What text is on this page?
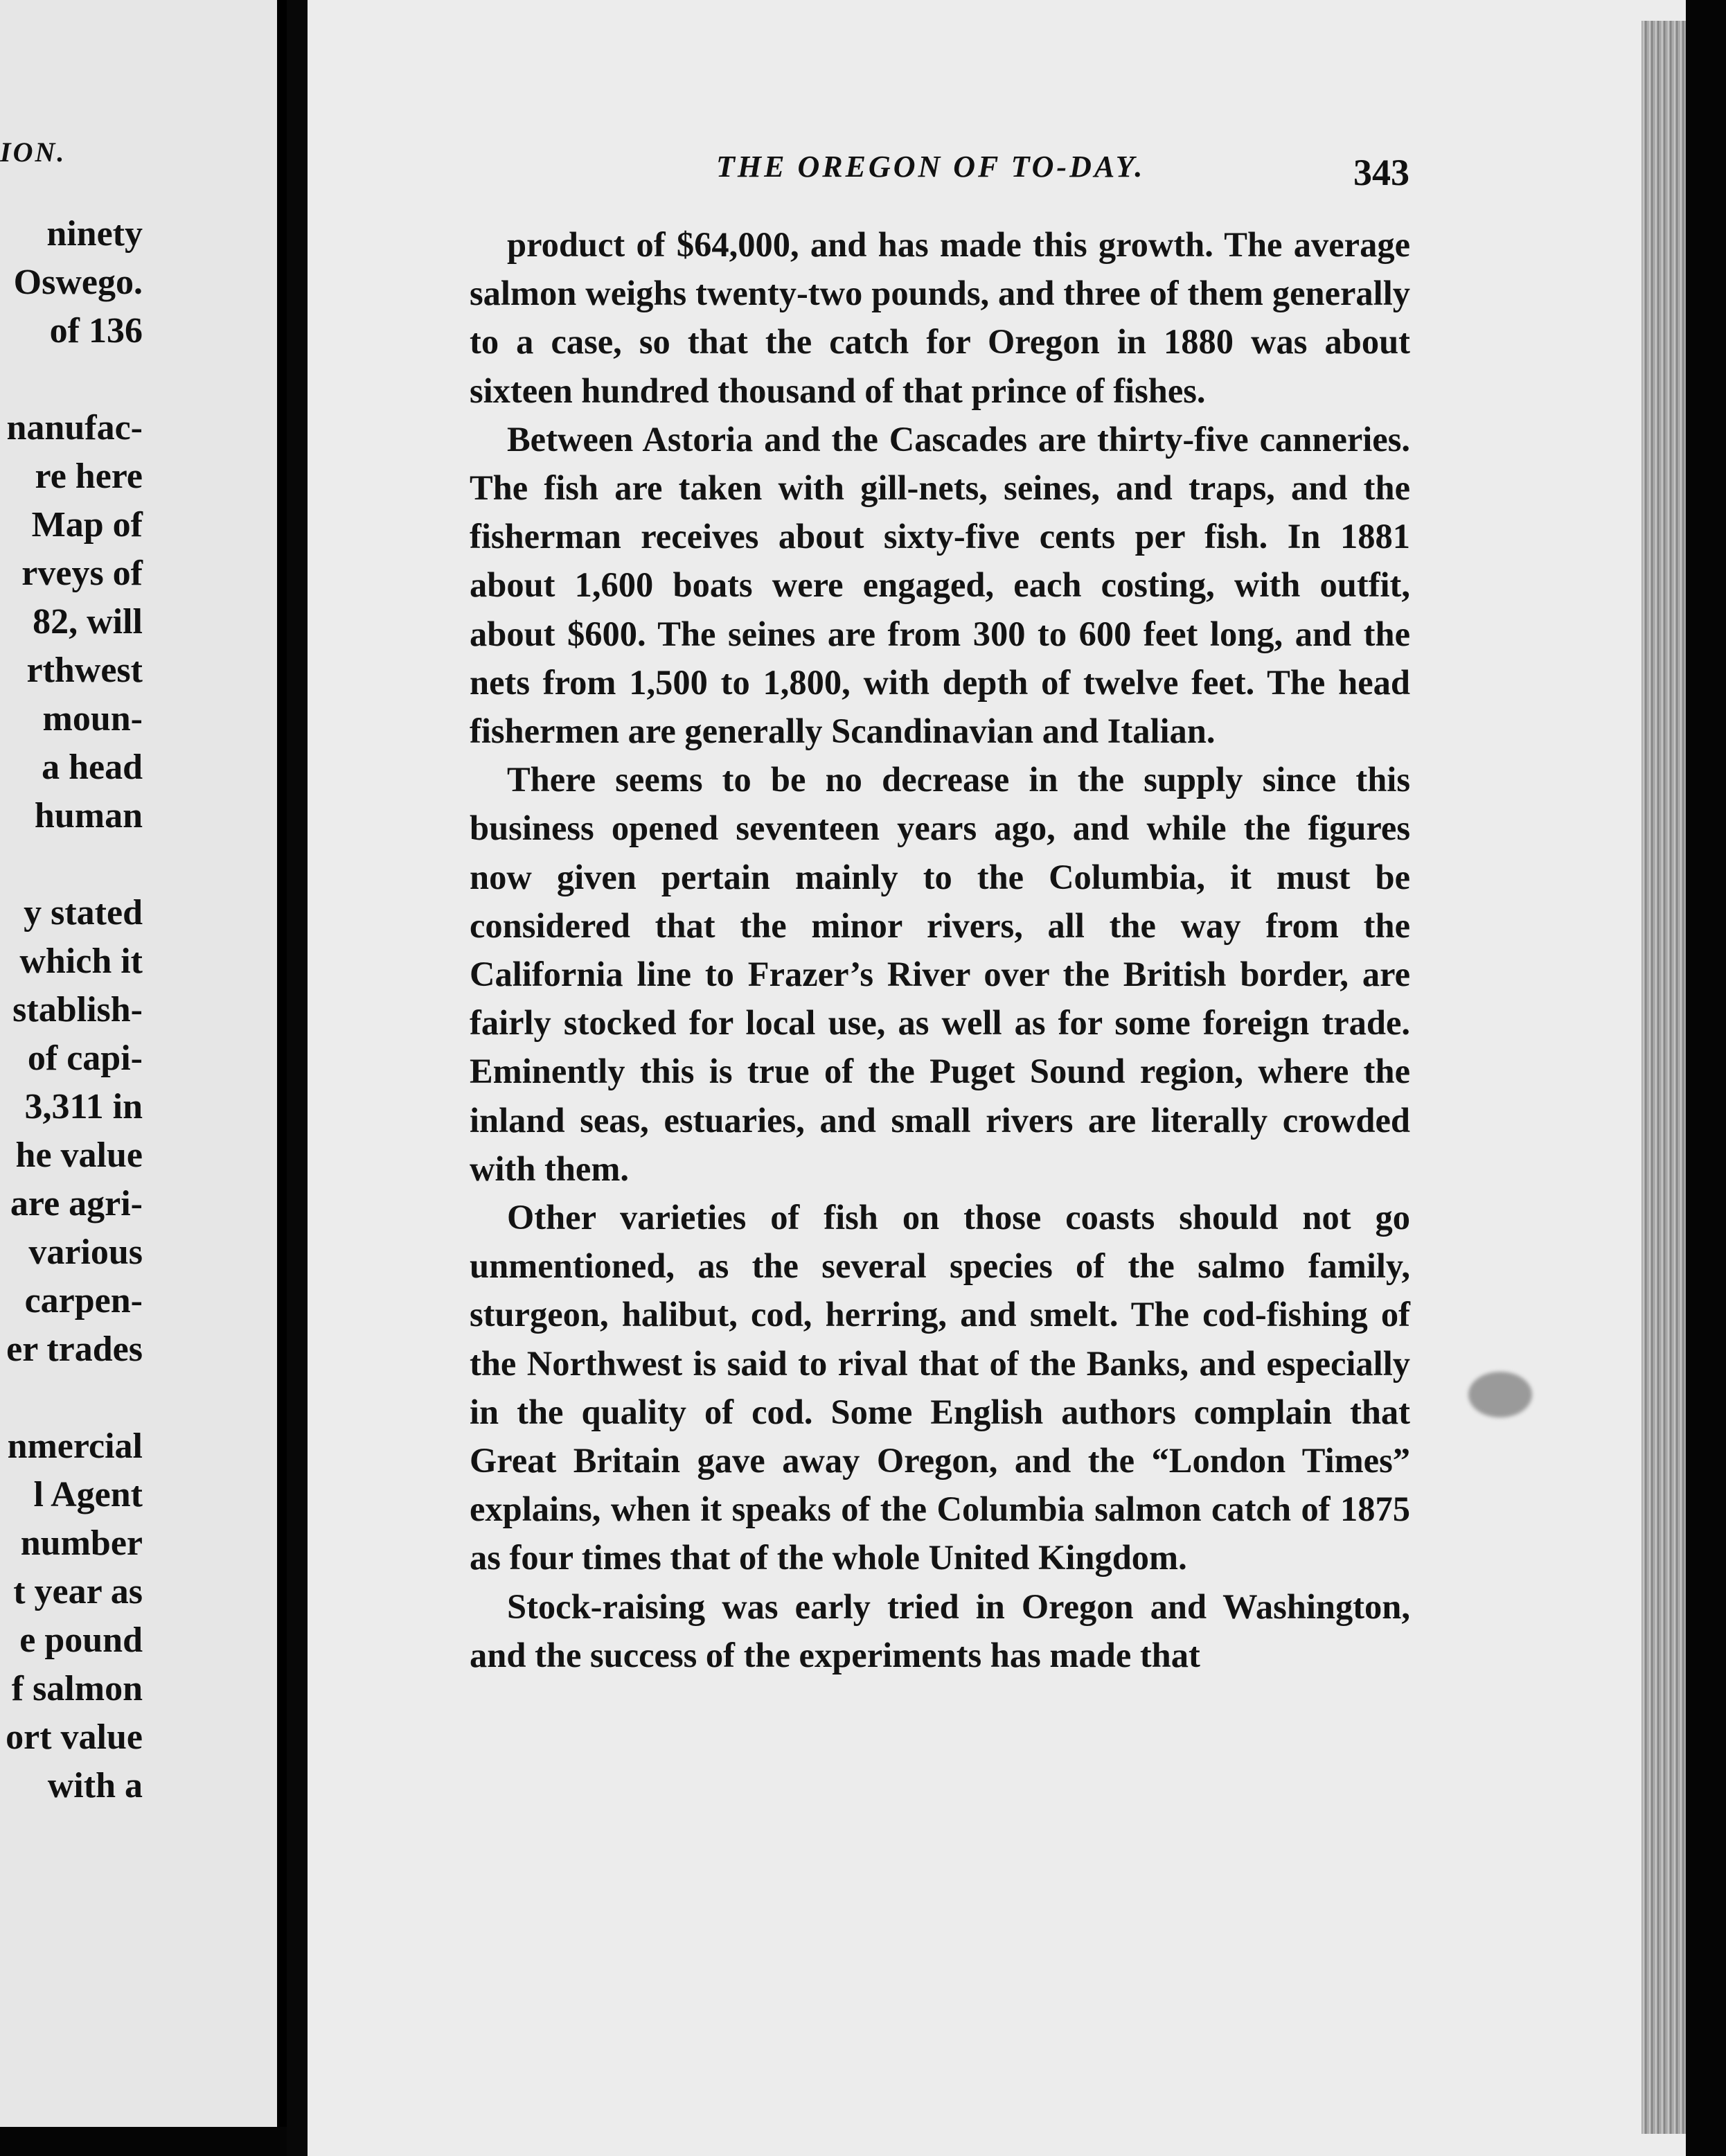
ION.
ninety
Oswego.
of 136
nanufac-
re here
Map of
rveys of
82, will
rthwest
moun-
a head
human
y stated
which it
stablish-
of capi-
3,311 in
he value
are agri-
various
carpen-
er trades
nmercial
l Agent
number
t year as
e pound
f salmon
ort value
with a
THE OREGON OF TO-DAY.	343

product of $64,000, and has made this growth. The average salmon weighs twenty-two pounds, and three of them generally to a case, so that the catch for Oregon in 1880 was about sixteen hundred thousand of that prince of fishes.

Between Astoria and the Cascades are thirty-five canneries. The fish are taken with gill-nets, seines, and traps, and the fisherman receives about sixty-five cents per fish. In 1881 about 1,600 boats were engaged, each costing, with outfit, about $600. The seines are from 300 to 600 feet long, and the nets from 1,500 to 1,800, with depth of twelve feet. The head fishermen are generally Scandinavian and Italian.

There seems to be no decrease in the supply since this business opened seventeen years ago, and while the figures now given pertain mainly to the Columbia, it must be considered that the minor rivers, all the way from the California line to Frazer’s River over the British border, are fairly stocked for local use, as well as for some foreign trade. Eminently this is true of the Puget Sound region, where the inland seas, estuaries, and small rivers are literally crowded with them.

Other varieties of fish on those coasts should not go unmentioned, as the several species of the salmo family, sturgeon, halibut, cod, herring, and smelt. The cod-fishing of the Northwest is said to rival that of the Banks, and especially in the quality of cod. Some English authors complain that Great Britain gave away Oregon, and the “London Times” explains, when it speaks of the Columbia salmon catch of 1875 as four times that of the whole United Kingdom.

Stock-raising was early tried in Oregon and Washington, and the success of the experiments has made that
